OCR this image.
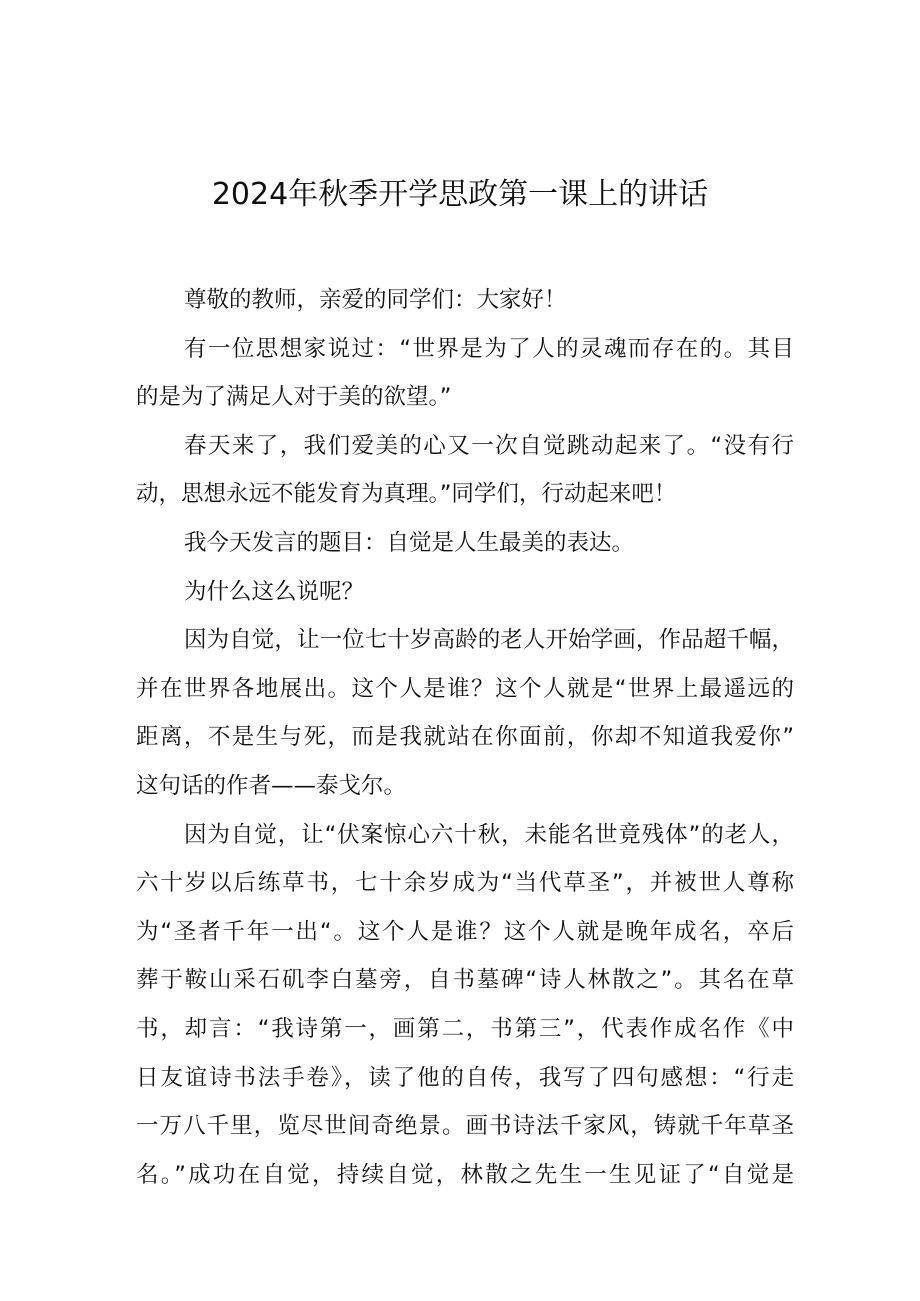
2024年秋季开学思政第一课上的讲话
尊敬的教师，亲爱的同学们：大家好！
有一位思想家说过：“世界是为了人的灵魂而存在的。其目
的是为了满足人对于美的欲望。”
春天来了，我们爱美的心又一次自觉跳动起来了。“没有行
动，思想永远不能发育为真理。”同学们，行动起来吧！
我今天发言的题目：自觉是人生最美的表达。
为什么这么说呢？
因为自觉，让一位七十岁高龄的老人开始学画，作品超千幅，
并在世界各地展出。这个人是谁？这个人就是“世界上最遥远的
距离，不是生与死，而是我就站在你面前，你却不知道我爱你”
这句话的作者——泰戈尔。
因为自觉，让“伏案惊心六十秋，未能名世竟残体”的老人，
六十岁以后练草书，七十余岁成为“当代草圣”，并被世人尊称
为“圣者千年一出“。这个人是谁？这个人就是晚年成名，卒后
葬于鞍山采石矶李白墓旁，自书墓碑“诗人林散之”。其名在草
书，却言：“我诗第一，画第二，书第三”，代表作成名作《中
日友谊诗书法手卷》，读了他的自传，我写了四句感想：“行走
一万八千里，览尽世间奇绝景。画书诗法千家风，铸就千年草圣
名。”成功在自觉，持续自觉，林散之先生一生见证了“自觉是
